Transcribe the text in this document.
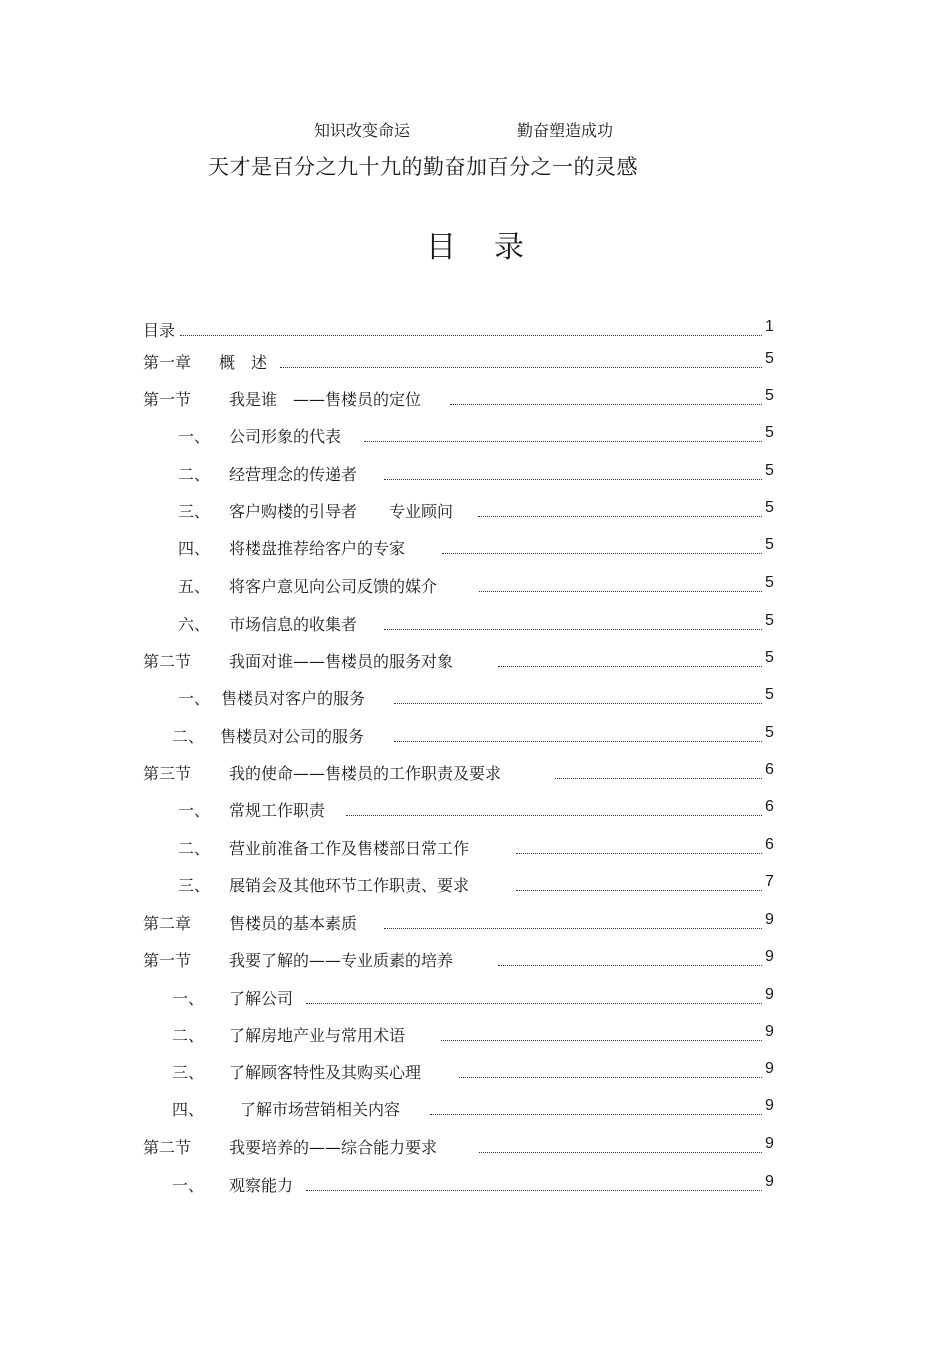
知识改变命运	勤奋塑造成功
天才是百分之九十九的勤奋加百分之一的灵感
目 录
目录	1
第一章 概　述	5
第一节 我是谁　——售楼员的定位	5
一、 公司形象的代表	5
二、 经营理念的传递者	5
三、 客户购楼的引导者　　专业顾问	5
四、 将楼盘推荐给客户的专家	5
五、 将客户意见向公司反馈的媒介	5
六、 市场信息的收集者	5
第二节 我面对谁——售楼员的服务对象	5
一、 售楼员对客户的服务	5
二、 售楼员对公司的服务	5
第三节 我的使命——售楼员的工作职责及要求	6
一、 常规工作职责	6
二、 营业前准备工作及售楼部日常工作	6
三、 展销会及其他环节工作职责、要求	7
第二章 售楼员的基本素质	9
第一节 我要了解的——专业质素的培养	9
一、 了解公司	9
二、 了解房地产业与常用术语	9
三、 了解顾客特性及其购买心理	9
四、 了解市场营销相关内容	9
第二节 我要培养的——综合能力要求	9
一、 观察能力	9
